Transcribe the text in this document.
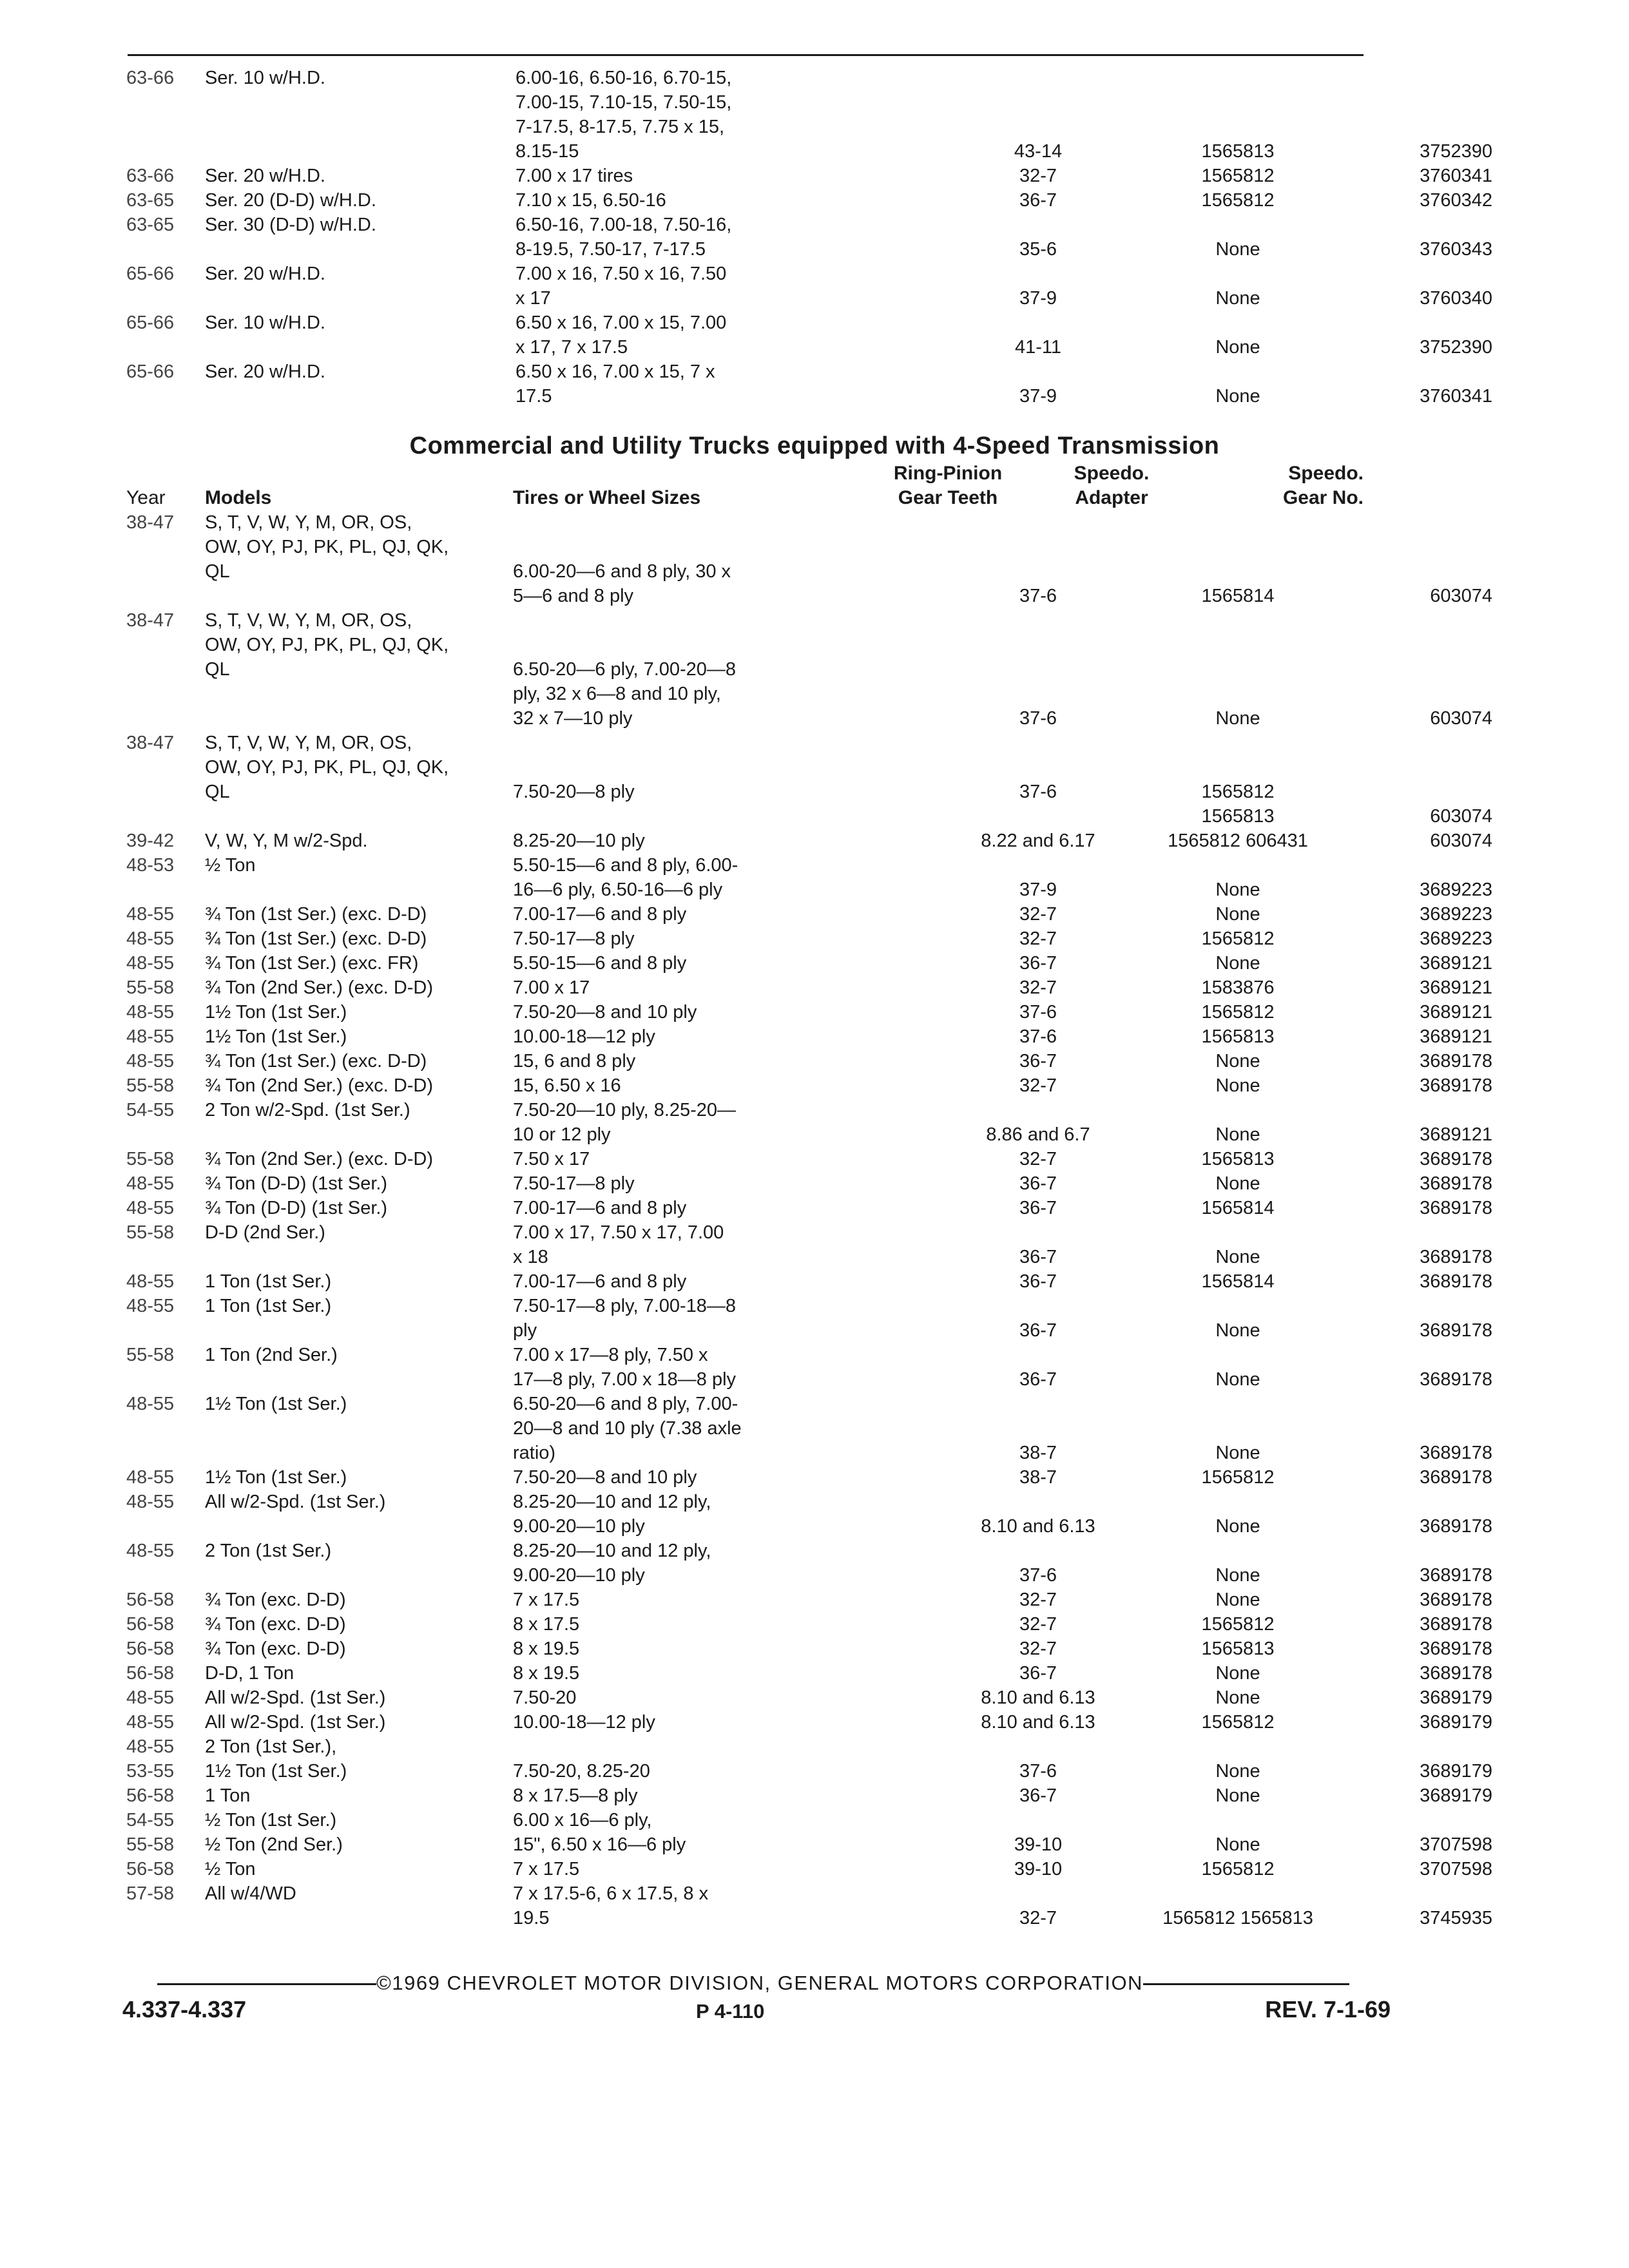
63-66	Ser. 10 w/H.D.	6.00-16, 6.50-16, 6.70-15,
7.00-15, 7.10-15, 7.50-15,
7-17.5, 8-17.5, 7.75 x 15,
8.15-15	43-14	1565813	3752390
63-66	Ser. 20 w/H.D.	7.00 x 17 tires	32-7	1565812	3760341
63-65	Ser. 20 (D-D) w/H.D.	7.10 x 15, 6.50-16	36-7	1565812	3760342
63-65	Ser. 30 (D-D) w/H.D.	6.50-16, 7.00-18, 7.50-16,
8-19.5, 7.50-17, 7-17.5	35-6	None	3760343
65-66	Ser. 20 w/H.D.	7.00 x 16, 7.50 x 16, 7.50
x 17	37-9	None	3760340
65-66	Ser. 10 w/H.D.	6.50 x 16, 7.00 x 15, 7.00
x 17, 7 x 17.5	41-11	None	3752390
65-66	Ser. 20 w/H.D.	6.50 x 16, 7.00 x 15, 7 x
17.5	37-9	None	3760341
Commercial and Utility Trucks equipped with 4-Speed Transmission
Ring-Pinion	Speedo.	Speedo.
Year Models	Tires or Wheel Sizes	Gear Teeth	Adapter	Gear No.
38-47	S, T, V, W, Y, M, OR, OS,
OW, OY, PJ, PK, PL, QJ, QK,
QL	6.00-20—6 and 8 ply, 30 x
5—6 and 8 ply	37-6	1565814	603074
38-47	S, T, V, W, Y, M, OR, OS,
OW, OY, PJ, PK, PL, QJ, QK,
QL	6.50-20—6 ply, 7.00-20—8
ply, 32 x 6—8 and 10 ply,
32 x 7—10 ply	37-6	None	603074
38-47	S, T, V, W, Y, M, OR, OS,
OW, OY, PJ, PK, PL, QJ, QK,
QL	7.50-20—8 ply	37-6	1565812
1565813	603074
39-42	V, W, Y, M w/2-Spd.	8.25-20—10 ply	8.22 and 6.17	1565812 606431	603074
48-53	½ Ton	5.50-15—6 and 8 ply, 6.00-
16—6 ply, 6.50-16—6 ply	37-9	None	3689223
48-55	¾ Ton (1st Ser.) (exc. D-D)	7.00-17—6 and 8 ply	32-7	None	3689223
48-55	¾ Ton (1st Ser.) (exc. D-D)	7.50-17—8 ply	32-7	1565812	3689223
48-55	¾ Ton (1st Ser.) (exc. FR)	5.50-15—6 and 8 ply	36-7	None	3689121
55-58	¾ Ton (2nd Ser.) (exc. D-D)	7.00 x 17	32-7	1583876	3689121
48-55	1½ Ton (1st Ser.)	7.50-20—8 and 10 ply	37-6	1565812	3689121
48-55	1½ Ton (1st Ser.)	10.00-18—12 ply	37-6	1565813	3689121
48-55	¾ Ton (1st Ser.) (exc. D-D)	15, 6 and 8 ply	36-7	None	3689178
55-58	¾ Ton (2nd Ser.) (exc. D-D)	15, 6.50 x 16	32-7	None	3689178
54-55	2 Ton w/2-Spd. (1st Ser.)	7.50-20—10 ply, 8.25-20—
10 or 12 ply	8.86 and 6.7	None	3689121
55-58	¾ Ton (2nd Ser.) (exc. D-D)	7.50 x 17	32-7	1565813	3689178
48-55	¾ Ton (D-D) (1st Ser.)	7.50-17—8 ply	36-7	None	3689178
48-55	¾ Ton (D-D) (1st Ser.)	7.00-17—6 and 8 ply	36-7	1565814	3689178
55-58	D-D (2nd Ser.)	7.00 x 17, 7.50 x 17, 7.00
x 18	36-7	None	3689178
48-55	1 Ton (1st Ser.)	7.00-17—6 and 8 ply	36-7	1565814	3689178
48-55	1 Ton (1st Ser.)	7.50-17—8 ply, 7.00-18—8
ply	36-7	None	3689178
55-58	1 Ton (2nd Ser.)	7.00 x 17—8 ply, 7.50 x
17—8 ply, 7.00 x 18—8 ply	36-7	None	3689178
48-55	1½ Ton (1st Ser.)	6.50-20—6 and 8 ply, 7.00-
20—8 and 10 ply (7.38 axle
ratio)	38-7	None	3689178
48-55	1½ Ton (1st Ser.)	7.50-20—8 and 10 ply	38-7	1565812	3689178
48-55	All w/2-Spd. (1st Ser.)	8.25-20—10 and 12 ply,
9.00-20—10 ply	8.10 and 6.13	None	3689178
48-55	2 Ton (1st Ser.)	8.25-20—10 and 12 ply,
9.00-20—10 ply	37-6	None	3689178
56-58	¾ Ton (exc. D-D)	7 x 17.5	32-7	None	3689178
56-58	¾ Ton (exc. D-D)	8 x 17.5	32-7	1565812	3689178
56-58	¾ Ton (exc. D-D)	8 x 19.5	32-7	1565813	3689178
56-58	D-D, 1 Ton	8 x 19.5	36-7	None	3689178
48-55	All w/2-Spd. (1st Ser.)	7.50-20	8.10 and 6.13	None	3689179
48-55	All w/2-Spd. (1st Ser.)	10.00-18—12 ply	8.10 and 6.13	1565812	3689179
48-55	2 Ton (1st Ser.),
53-55	1½ Ton (1st Ser.)	7.50-20, 8.25-20	37-6	None	3689179
56-58	1 Ton	8 x 17.5—8 ply	36-7	None	3689179
54-55	½ Ton (1st Ser.)	6.00 x 16—6 ply,
55-58	½ Ton (2nd Ser.)	15", 6.50 x 16—6 ply	39-10	None	3707598
56-58	½ Ton	7 x 17.5	39-10	1565812	3707598
57-58	All w/4/WD	7 x 17.5-6, 6 x 17.5, 8 x
19.5	32-7	1565812 1565813	3745935
©1969 CHEVROLET MOTOR DIVISION, GENERAL MOTORS CORPORATION
4.337-4.337	P 4-110	REV. 7-1-69
